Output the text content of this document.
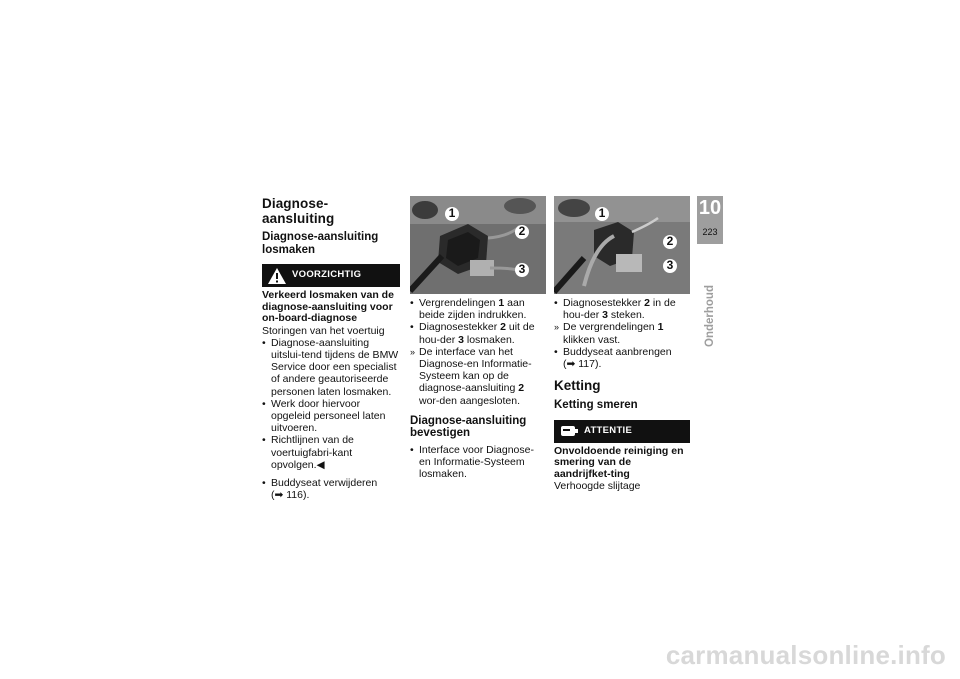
Diagnose-aansluiting
Diagnose-aansluiting losmaken
VOORZICHTIG

Verkeerd losmaken van de diagnose-aansluiting voor on-board-diagnose

Storingen van het voertuig

• Diagnose-aansluiting uitslui-tend tijdens de BMW Service door een specialist of andere geautoriseerde personen laten losmaken.
• Werk door hiervoor opgeleid personeel laten uitvoeren.
• Richtlijnen van de voertuigfabri-kant opvolgen.◀
• Buddyseat verwijderen
(➡ 116).
1
2
3
• Vergrendelingen 1 aan beide zijden indrukken.
• Diagnosestekker 2 uit de hou-der 3 losmaken.
» De interface van het Diagnose-en Informatie-Systeem kan op de diagnose-aansluiting 2 wor-den aangesloten.
Diagnose-aansluiting bevestigen
• Interface voor Diagnose- en Informatie-Systeem losmaken.
1
2
3
• Diagnosestekker 2 in de hou-der 3 steken.
» De vergrendelingen 1 klikken vast.
• Buddyseat aanbrengen
(➡ 117).
Ketting
Ketting smeren
ATTENTIE

Onvoldoende reiniging en smering van de aandrijfket-ting

Verhoogde slijtage

10
223
Onderhoud
carmanualsonline.info
